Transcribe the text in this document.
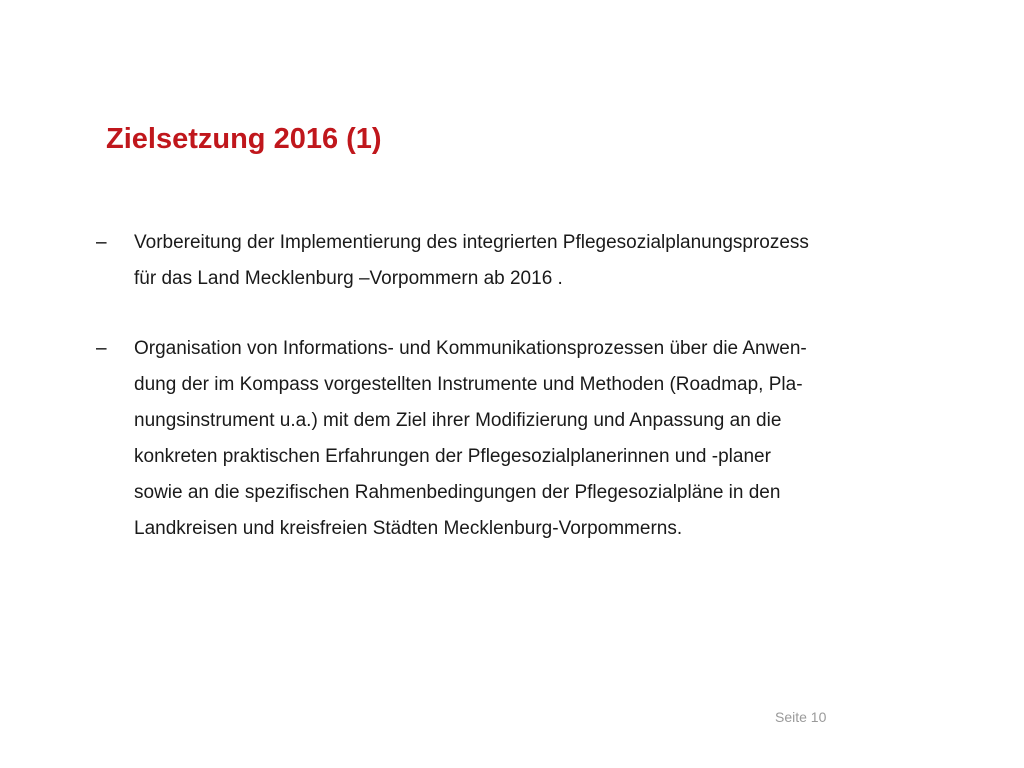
Zielsetzung 2016 (1)
– Vorbereitung der Implementierung des integrierten Pflegesozialplanungsprozess
für das Land Mecklenburg –Vorpommern ab 2016 .
– Organisation von Informations- und Kommunikationsprozessen über die Anwen-
dung der im Kompass vorgestellten Instrumente und Methoden (Roadmap, Pla-
nungsinstrument u.a.) mit dem Ziel ihrer Modifizierung und Anpassung an die
konkreten praktischen Erfahrungen der Pflegesozialplanerinnen und -planer
sowie an die spezifischen Rahmenbedingungen der Pflegesozialpläne in den
Landkreisen und kreisfreien Städten Mecklenburg-Vorpommerns.
Seite 10
